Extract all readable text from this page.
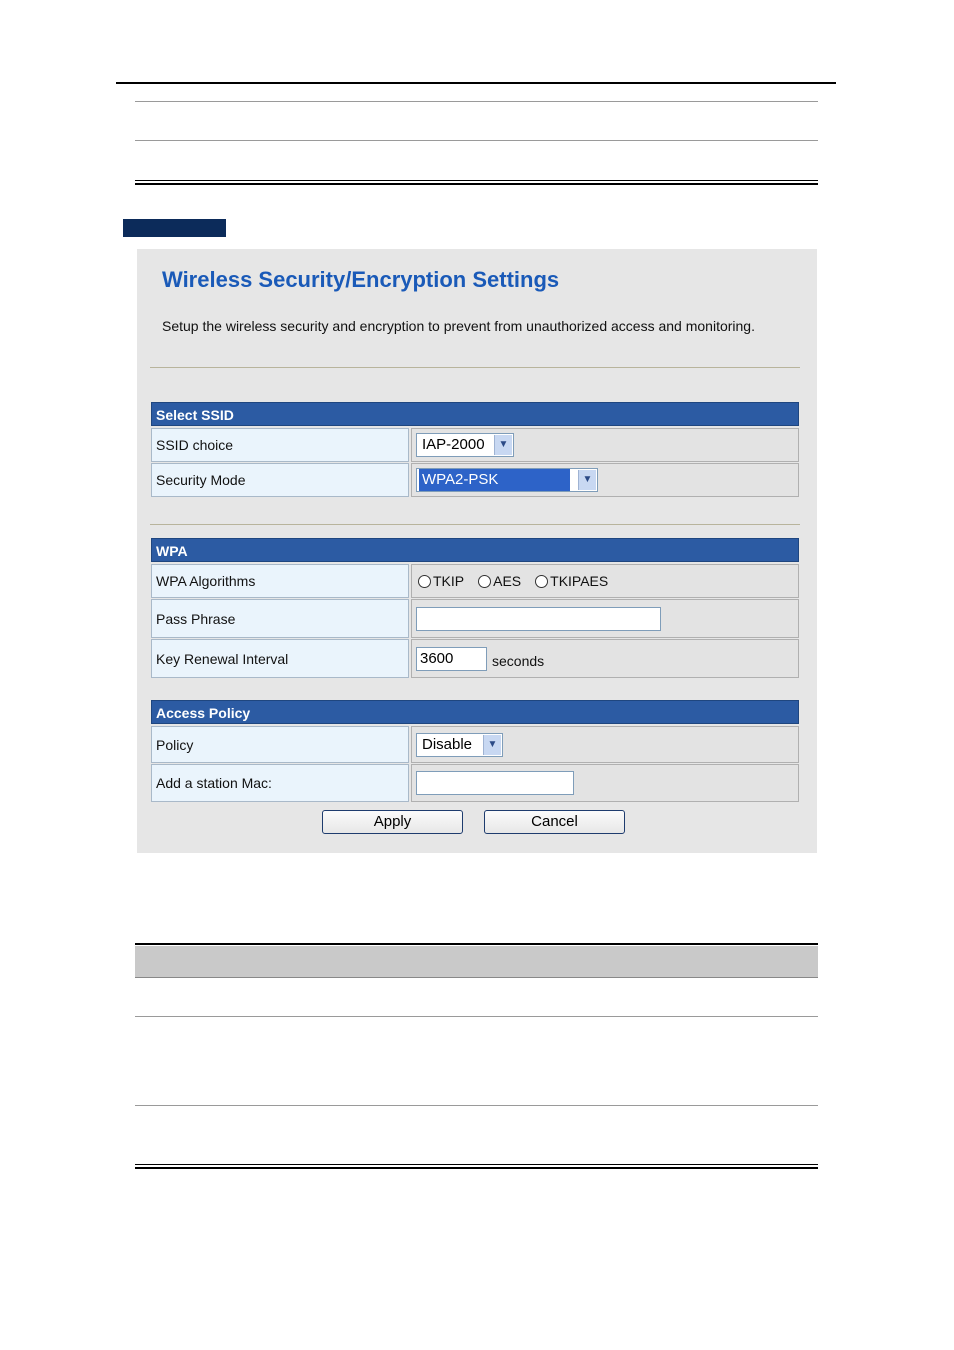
Wireless Security/Encryption Settings
Setup the wireless security and encryption to prevent from unauthorized access and monitoring.
Select SSID
SSID choice	IAP-2000	▼
Security Mode	WPA2-PSK	▼
WPA
WPA Algorithms	TKIP AES TKIPAES
Pass Phrase
Key Renewal Interval	3600	seconds
Access Policy
Policy	Disable	▼
Add a station Mac:
Apply	Cancel
